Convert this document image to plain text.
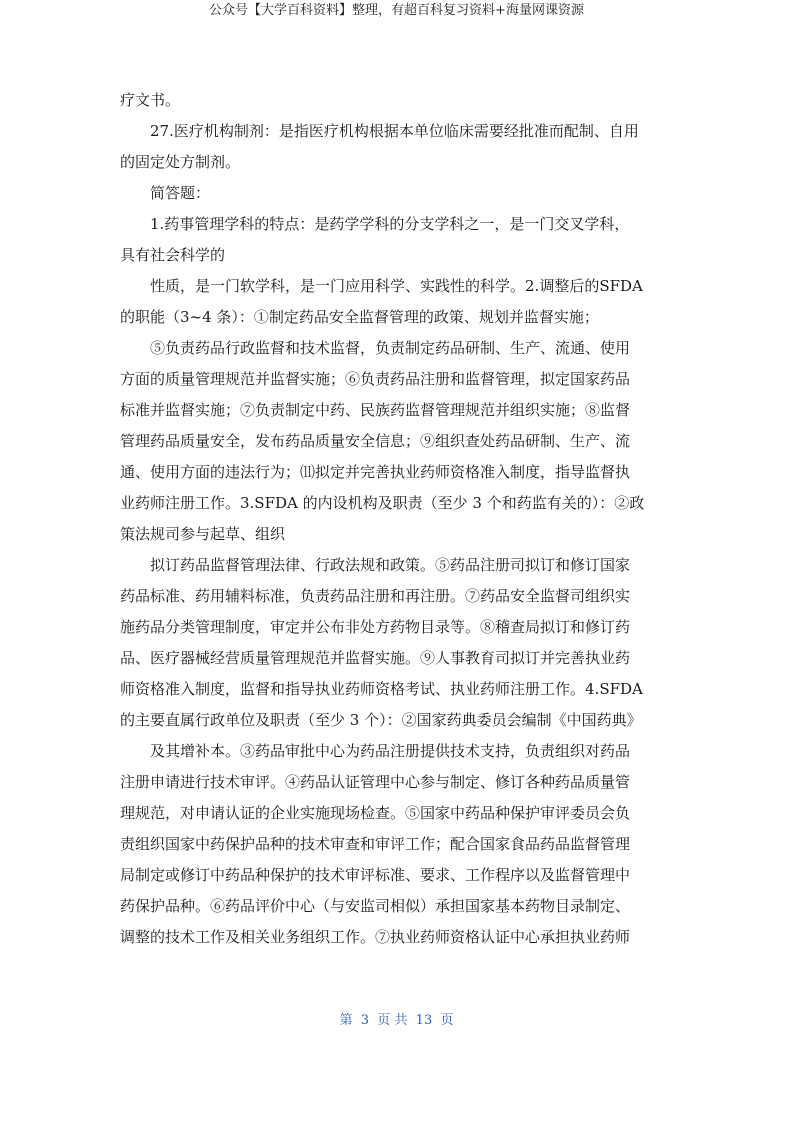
公众号【大学百科资料】整理，有超百科复习资料+海量网课资源
疗文书。
　　27.医疗机构制剂：是指医疗机构根据本单位临床需要经批准而配制、自用
的固定处方制剂。
　　简答题：
　　1.药事管理学科的特点：是药学学科的分支学科之一，是一门交叉学科，
具有社会科学的
　　性质，是一门软学科，是一门应用科学、实践性的科学。2.调整后的SFDA
的职能（3~4 条）：①制定药品安全监督管理的政策、规划并监督实施；
　　⑤负责药品行政监督和技术监督，负责制定药品研制、生产、流通、使用
方面的质量管理规范并监督实施；⑥负责药品注册和监督管理，拟定国家药品
标准并监督实施；⑦负责制定中药、民族药监督管理规范并组织实施；⑧监督
管理药品质量安全，发布药品质量安全信息；⑨组织查处药品研制、生产、流
通、使用方面的违法行为；⑾拟定并完善执业药师资格准入制度，指导监督执
业药师注册工作。3.SFDA 的内设机构及职责（至少 3 个和药监有关的）：②政
策法规司参与起草、组织
　　拟订药品监督管理法律、行政法规和政策。⑤药品注册司拟订和修订国家
药品标准、药用辅料标准，负责药品注册和再注册。⑦药品安全监督司组织实
施药品分类管理制度，审定并公布非处方药物目录等。⑧稽查局拟订和修订药
品、医疗器械经营质量管理规范并监督实施。⑨人事教育司拟订并完善执业药
师资格准入制度，监督和指导执业药师资格考试、执业药师注册工作。4.SFDA
的主要直属行政单位及职责（至少 3 个）：②国家药典委员会编制《中国药典》
　　及其增补本。③药品审批中心为药品注册提供技术支持，负责组织对药品
注册申请进行技术审评。④药品认证管理中心参与制定、修订各种药品质量管
理规范，对申请认证的企业实施现场检查。⑤国家中药品种保护审评委员会负
责组织国家中药保护品种的技术审查和审评工作；配合国家食品药品监督管理
局制定或修订中药品种保护的技术审评标准、要求、工作程序以及监督管理中
药保护品种。⑥药品评价中心（与安监司相似）承担国家基本药物目录制定、
调整的技术工作及相关业务组织工作。⑦执业药师资格认证中心承担执业药师
第  3  页 共  13  页
